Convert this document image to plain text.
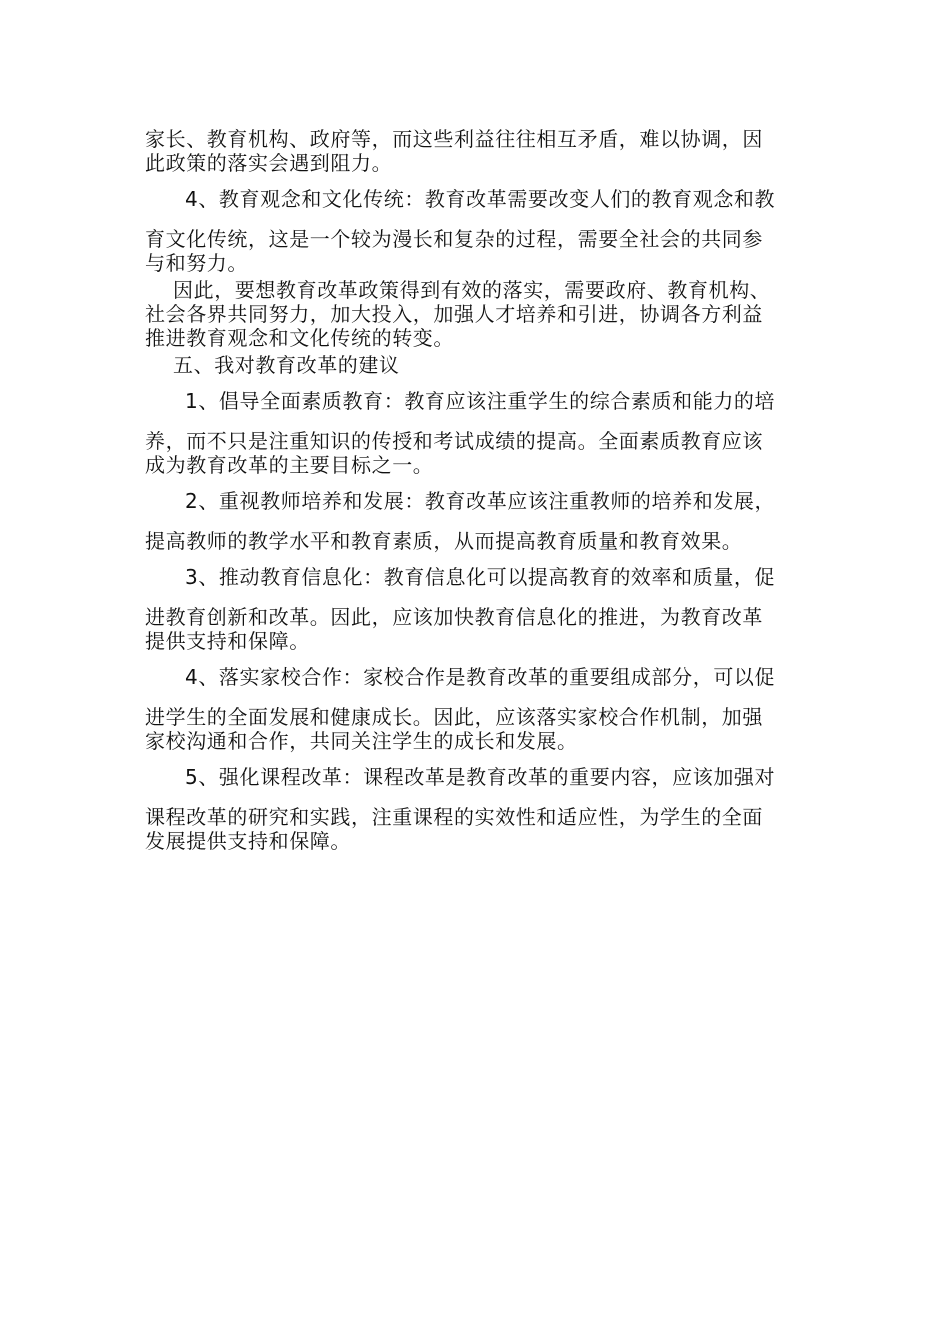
家长、教育机构、政府等，而这些利益往往相互矛盾，难以协调，因
此政策的落实会遇到阻力。

4、教育观念和文化传统：教育改革需要改变人们的教育观念和教
育文化传统，这是一个较为漫长和复杂的过程，需要全社会的共同参
与和努力。

因此，要想教育改革政策得到有效的落实，需要政府、教育机构、
社会各界共同努力，加大投入，加强人才培养和引进，协调各方利益
推进教育观念和文化传统的转变。

五、我对教育改革的建议

1、倡导全面素质教育：教育应该注重学生的综合素质和能力的培
养，而不只是注重知识的传授和考试成绩的提高。全面素质教育应该
成为教育改革的主要目标之一。

2、重视教师培养和发展：教育改革应该注重教师的培养和发展，
提高教师的教学水平和教育素质，从而提高教育质量和教育效果。

3、推动教育信息化：教育信息化可以提高教育的效率和质量，促
进教育创新和改革。因此，应该加快教育信息化的推进，为教育改革
提供支持和保障。

4、落实家校合作：家校合作是教育改革的重要组成部分，可以促
进学生的全面发展和健康成长。因此，应该落实家校合作机制，加强
家校沟通和合作，共同关注学生的成长和发展。

5、强化课程改革：课程改革是教育改革的重要内容，应该加强对
课程改革的研究和实践，注重课程的实效性和适应性，为学生的全面
发展提供支持和保障。
